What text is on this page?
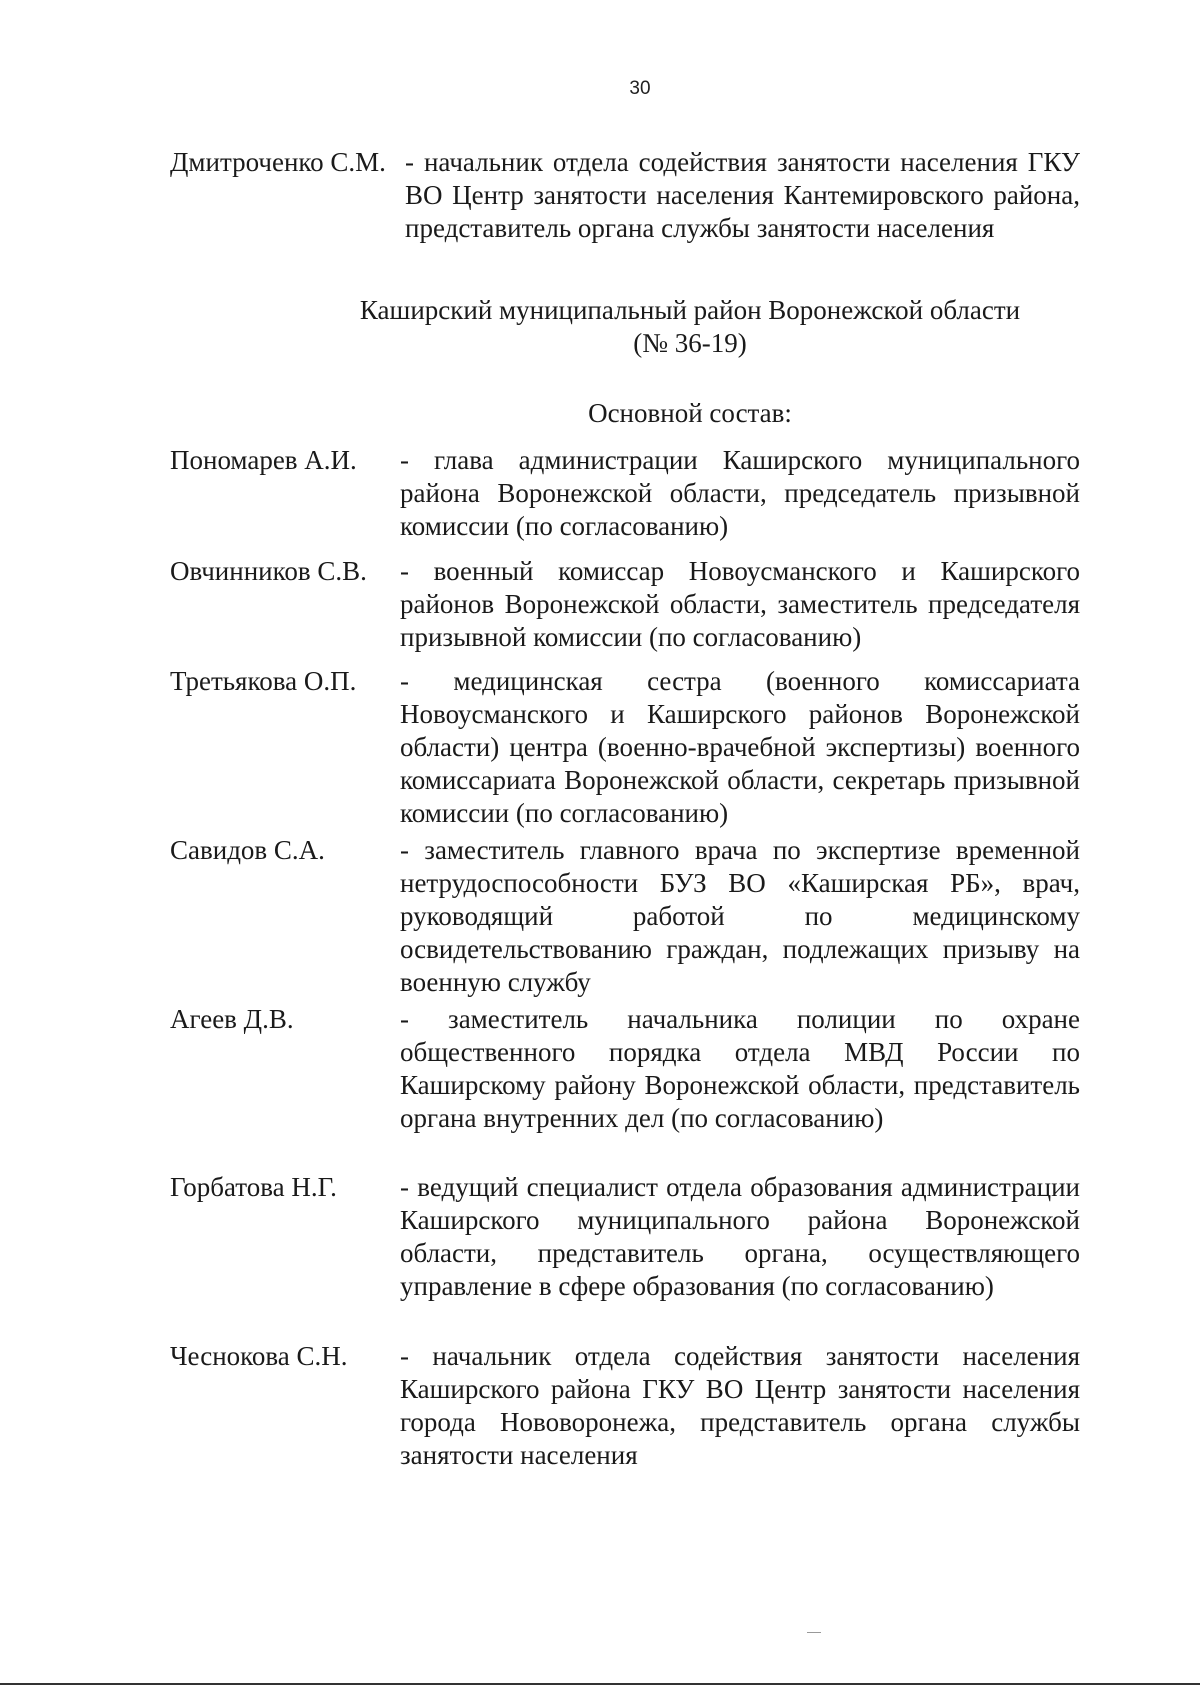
30
Дмитроченко С.М. - начальник отдела содействия занятости населения ГКУ ВО Центр занятости населения Кантемировского района, представитель органа службы занятости населения
Каширский муниципальный район Воронежской области
(№ 36-19)
Основной состав:
Пономарев А.И. - глава администрации Каширского муниципального района Воронежской области, председатель призывной комиссии (по согласованию)
Овчинников С.В. - военный комиссар Новоусманского и Каширского районов Воронежской области, заместитель председателя призывной комиссии (по согласованию)
Третьякова О.П. - медицинская сестра (военного комиссариата Новоусманского и Каширского районов Воронежской области) центра (военно-врачебной экспертизы) военного комиссариата Воронежской области, секретарь призывной комиссии (по согласованию)
Савидов С.А.	- заместитель главного врача по экспертизе временной нетрудоспособности БУЗ ВО «Каширская РБ», врач, руководящий работой по медицинскому освидетельствованию граждан, подлежащих призыву на военную службу
Агеев Д.В.	- заместитель начальника полиции по охране общественного порядка отдела МВД России по Каширскому району Воронежской области, представитель органа внутренних дел (по согласованию)
Горбатова Н.Г. - ведущий специалист отдела образования администрации Каширского муниципального района Воронежской области, представитель органа, осуществляющего управление в сфере образования (по согласованию)
Чеснокова С.Н. - начальник отдела содействия занятости населения Каширского района ГКУ ВО Центр занятости населения города Нововоронежа, представитель органа службы занятости населения
